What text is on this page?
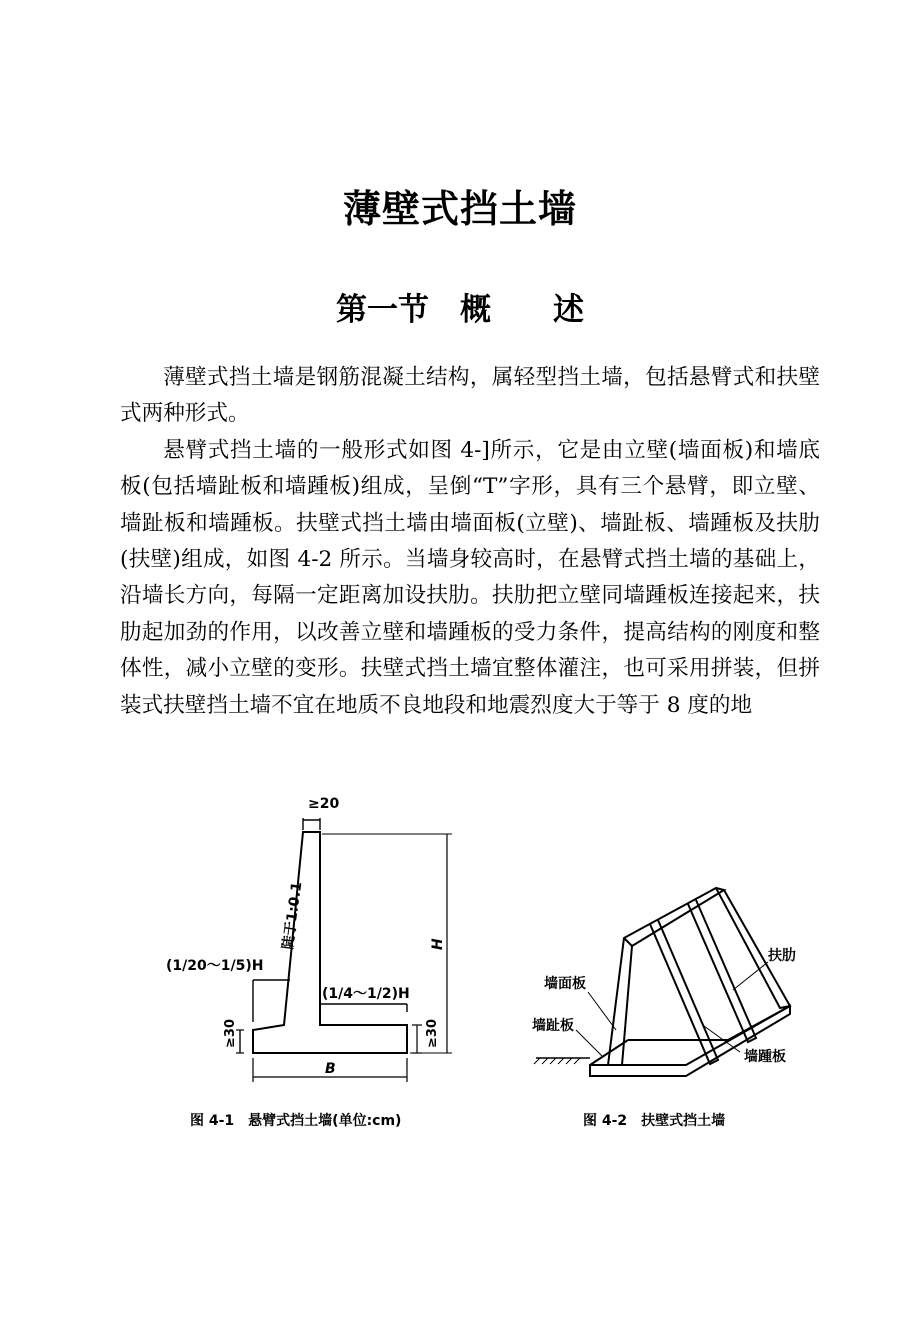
薄壁式挡土墙
第一节　概　　述

薄壁式挡土墙是钢筋混凝土结构，属轻型挡土墙，包括悬臂式和扶壁式两种形式。

悬臂式挡土墙的一般形式如图 4-]所示，它是由立壁(墙面板)和墙底板(包括墙趾板和墙踵板)组成，呈倒“T”字形，具有三个悬臂，即立壁、墙趾板和墙踵板。扶壁式挡土墙由墙面板(立壁)、墙趾板、墙踵板及扶肋(扶壁)组成，如图 4-2 所示。当墙身较高时，在悬臂式挡土墙的基础上，沿墙长方向，每隔一定距离加设扶肋。扶肋把立壁同墙踵板连接起来，扶肋起加劲的作用，以改善立壁和墙踵板的受力条件，提高结构的刚度和整体性，减小立壁的变形。扶壁式挡土墙宜整体灌注，也可采用拼装，但拼装式扶壁挡土墙不宜在地质不良地段和地震烈度大于等于 8 度的地

≥20
陡于1:0.1	H
(1/20～1/5)H
(1/4～1/2)H
≥30	≥30
B
图 4-1　悬臂式挡土墙(单位:cm)
扶肋
墙面板
墙趾板
墙踵板
图 4-2　扶壁式挡土墙
